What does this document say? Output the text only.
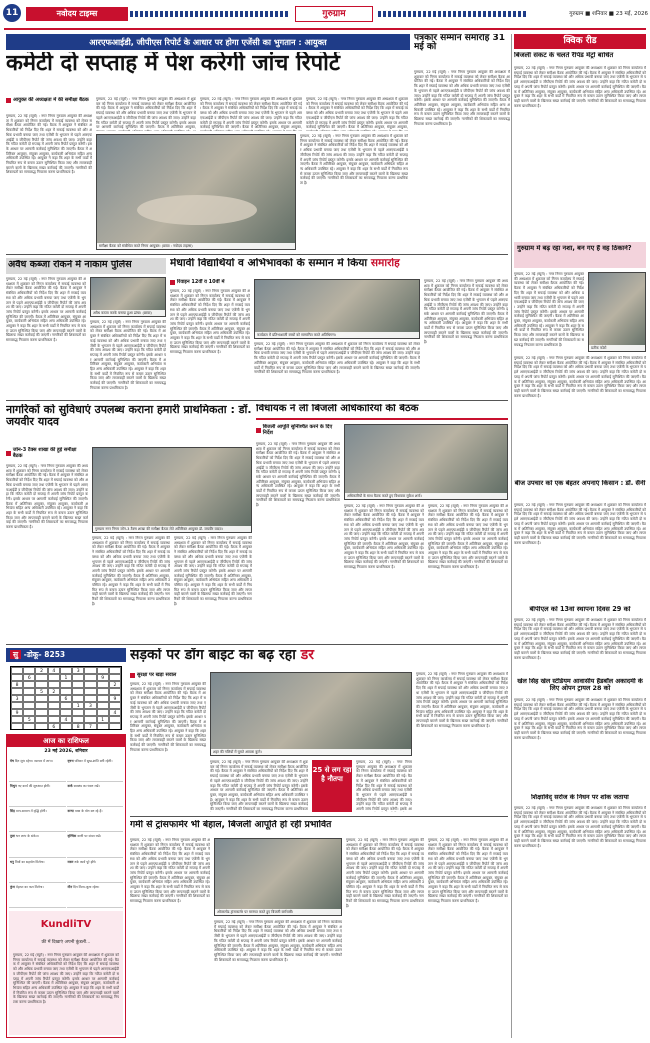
11	नवोदय टाइम्स	गुरुग्राम	गुरुग्राम ■ शनिवार ■ 23 मई, 2026
आरएफआईडी, जीपीएस रिपोर्ट के आधार पर होगा एजेंसी का भुगतान : आयुक्त
कमेटी दो सप्ताह में पेश करेगी जांच रिपोर्ट
आयुक्त की अध्यक्षता में की समीक्षा बैठक
गुरुग्राम, 22 मई (ब्यूरो) : नगर निगम गुरुग्राम आयुक्त की अध्यक्षता में शुक्रवार को निगम कार्यालय में सफाई व्यवस्था को लेकर समीक्षा बैठक आयोजित की गई। बैठक में आयुक्त ने संबंधित अधिकारियों को निर्देश दिए कि शहर में सफाई व्यवस्था को और अधिक प्रभावी बनाया जाए तथा एजेंसी के भुगतान से पहले आरएफआईडी व जीपीएस रिपोर्ट की जांच अवश्य की जाए। उन्होंने कहा कि गठित कमेटी दो सप्ताह में अपनी जांच रिपोर्ट प्रस्तुत करेगी। इसके आधार पर आगामी कार्रवाई सुनिश्चित की जाएगी। बैठक में अतिरिक्त आयुक्त, संयुक्त आयुक्त, कार्यकारी अभियंता सहित अन्य अधिकारी उपस्थित रहे। आयुक्त ने कहा कि शहर के सभी वार्डों में नियमित रूप से कचरा उठान सुनिश्चित किया जाए और लापरवाही बरतने वालों के खिलाफ सख्त कार्रवाई की जाएगी। नागरिकों की शिकायतों का समयबद्ध निपटारा करना प्राथमिकता है।
गुरुग्राम, 22 मई (ब्यूरो) : नगर निगम गुरुग्राम आयुक्त की अध्यक्षता में शुक्रवार को निगम कार्यालय में सफाई व्यवस्था को लेकर समीक्षा बैठक आयोजित की गई। बैठक में आयुक्त ने संबंधित अधिकारियों को निर्देश दिए कि शहर में सफाई व्यवस्था को और अधिक प्रभावी बनाया जाए तथा एजेंसी के भुगतान से पहले आरएफआईडी व जीपीएस रिपोर्ट की जांच अवश्य की जाए। उन्होंने कहा कि गठित कमेटी दो सप्ताह में अपनी जांच रिपोर्ट प्रस्तुत करेगी। इसके आधार पर आगामी कार्रवाई सुनिश्चित की जाएगी। बैठक में अतिरिक्त आयुक्त,
गुरुग्राम, 22 मई (ब्यूरो) : नगर निगम गुरुग्राम आयुक्त की अध्यक्षता में शुक्रवार को निगम कार्यालय में सफाई व्यवस्था को लेकर समीक्षा बैठक आयोजित की गई। बैठक में आयुक्त ने संबंधित अधिकारियों को निर्देश दिए कि शहर में सफाई व्यवस्था को और अधिक प्रभावी बनाया जाए तथा एजेंसी के भुगतान से पहले आरएफआईडी व जीपीएस रिपोर्ट की जांच अवश्य की जाए। उन्होंने कहा कि गठित कमेटी दो सप्ताह में अपनी जांच रिपोर्ट प्रस्तुत करेगी। इसके आधार पर आगामी कार्रवाई सुनिश्चित की जाएगी। बैठक में अतिरिक्त आयुक्त, संयुक्त आयुक्त,
गुरुग्राम, 22 मई (ब्यूरो) : नगर निगम गुरुग्राम आयुक्त की अध्यक्षता में शुक्रवार को निगम कार्यालय में सफाई व्यवस्था को लेकर समीक्षा बैठक आयोजित की गई। बैठक में आयुक्त ने संबंधित अधिकारियों को निर्देश दिए कि शहर में सफाई व्यवस्था को और अधिक प्रभावी बनाया जाए तथा एजेंसी के भुगतान से पहले आरएफआईडी व जीपीएस रिपोर्ट की जांच अवश्य की जाए। उन्होंने कहा कि गठित कमेटी दो सप्ताह में अपनी जांच रिपोर्ट प्रस्तुत करेगी। इसके आधार पर आगामी कार्रवाई सुनिश्चित की जाएगी। बैठक में अतिरिक्त आयुक्त, संयुक्त आयुक्त,
समीक्षा बैठक को संबोधित करते निगम आयुक्त। (छाया : नवोदय टाइम्स)
गुरुग्राम, 22 मई (ब्यूरो) : नगर निगम गुरुग्राम आयुक्त की अध्यक्षता में शुक्रवार को निगम कार्यालय में सफाई व्यवस्था को लेकर समीक्षा बैठक आयोजित की गई। बैठक में आयुक्त ने संबंधित अधिकारियों को निर्देश दिए कि शहर में सफाई व्यवस्था को और अधिक प्रभावी बनाया जाए तथा एजेंसी के भुगतान से पहले आरएफआईडी व जीपीएस रिपोर्ट की जांच अवश्य की जाए। उन्होंने कहा कि गठित कमेटी दो सप्ताह में अपनी जांच रिपोर्ट प्रस्तुत करेगी। इसके आधार पर आगामी कार्रवाई सुनिश्चित की जाएगी। बैठक में अतिरिक्त आयुक्त, संयुक्त आयुक्त, कार्यकारी अभियंता सहित अन्य अधिकारी उपस्थित रहे। आयुक्त ने कहा कि शहर के सभी वार्डों में नियमित रूप से कचरा उठान सुनिश्चित किया जाए और लापरवाही बरतने वालों के खिलाफ सख्त कार्रवाई की जाएगी। नागरिकों की शिकायतों का समयबद्ध निपटारा करना प्राथमिकता है।
पत्रकार सम्मान समारोह 31 मई को
गुरुग्राम, 22 मई (ब्यूरो) : नगर निगम गुरुग्राम आयुक्त की अध्यक्षता में शुक्रवार को निगम कार्यालय में सफाई व्यवस्था को लेकर समीक्षा बैठक आयोजित की गई। बैठक में आयुक्त ने संबंधित अधिकारियों को निर्देश दिए कि शहर में सफाई व्यवस्था को और अधिक प्रभावी बनाया जाए तथा एजेंसी के भुगतान से पहले आरएफआईडी व जीपीएस रिपोर्ट की जांच अवश्य की जाए। उन्होंने कहा कि गठित कमेटी दो सप्ताह में अपनी जांच रिपोर्ट प्रस्तुत करेगी। इसके आधार पर आगामी कार्रवाई सुनिश्चित की जाएगी। बैठक में अतिरिक्त आयुक्त, संयुक्त आयुक्त, कार्यकारी अभियंता सहित अन्य अधिकारी उपस्थित रहे। आयुक्त ने कहा कि शहर के सभी वार्डों में नियमित रूप से कचरा उठान सुनिश्चित किया जाए और लापरवाही बरतने वालों के खिलाफ सख्त कार्रवाई की जाएगी। नागरिकों की शिकायतों का समयबद्ध निपटारा करना प्राथमिकता है।
क्विक रीड
बिजली संकट के चलते रैपिड मेट्रो बाधित
गुरुग्राम, 22 मई (ब्यूरो) : नगर निगम गुरुग्राम आयुक्त की अध्यक्षता में शुक्रवार को निगम कार्यालय में सफाई व्यवस्था को लेकर समीक्षा बैठक आयोजित की गई। बैठक में आयुक्त ने संबंधित अधिकारियों को निर्देश दिए कि शहर में सफाई व्यवस्था को और अधिक प्रभावी बनाया जाए तथा एजेंसी के भुगतान से पहले आरएफआईडी व जीपीएस रिपोर्ट की जांच अवश्य की जाए। उन्होंने कहा कि गठित कमेटी दो सप्ताह में अपनी जांच रिपोर्ट प्रस्तुत करेगी। इसके आधार पर आगामी कार्रवाई सुनिश्चित की जाएगी। बैठक में अतिरिक्त आयुक्त, संयुक्त आयुक्त, कार्यकारी अभियंता सहित अन्य अधिकारी उपस्थित रहे। आयुक्त ने कहा कि शहर के सभी वार्डों में नियमित रूप से कचरा उठान सुनिश्चित किया जाए और लापरवाही बरतने वालों के खिलाफ सख्त कार्रवाई की जाएगी। नागरिकों की शिकायतों का समयबद्ध निपटारा करना प्राथमिकता है।
गुरुग्राम में बढ़ रहा नशा, बन गए हैं वह ठिकाने?
गुरुग्राम, 22 मई (ब्यूरो) : नगर निगम गुरुग्राम आयुक्त की अध्यक्षता में शुक्रवार को निगम कार्यालय में सफाई व्यवस्था को लेकर समीक्षा बैठक आयोजित की गई। बैठक में आयुक्त ने संबंधित अधिकारियों को निर्देश दिए कि शहर में सफाई व्यवस्था को और अधिक प्रभावी बनाया जाए तथा एजेंसी के भुगतान से पहले आरएफआईडी व जीपीएस रिपोर्ट की जांच अवश्य की जाए। उन्होंने कहा कि गठित कमेटी दो सप्ताह में अपनी जांच रिपोर्ट प्रस्तुत करेगी। इसके आधार पर आगामी कार्रवाई सुनिश्चित की जाएगी। बैठक में अतिरिक्त आयुक्त, संयुक्त आयुक्त, कार्यकारी अभियंता सहित अन्य अधिकारी उपस्थित रहे। आयुक्त ने कहा कि शहर के सभी वार्डों में नियमित रूप से कचरा उठान सुनिश्चित किया जाए और लापरवाही बरतने वालों के खिलाफ सख्त कार्रवाई की जाएगी। नागरिकों की शिकायतों का समयबद्ध निपटारा करना प्राथमिकता है।
प्रतीक फोटो
गुरुग्राम, 22 मई (ब्यूरो) : नगर निगम गुरुग्राम आयुक्त की अध्यक्षता में शुक्रवार को निगम कार्यालय में सफाई व्यवस्था को लेकर समीक्षा बैठक आयोजित की गई। बैठक में आयुक्त ने संबंधित अधिकारियों को निर्देश दिए कि शहर में सफाई व्यवस्था को और अधिक प्रभावी बनाया जाए तथा एजेंसी के भुगतान से पहले आरएफआईडी व जीपीएस रिपोर्ट की जांच अवश्य की जाए। उन्होंने कहा कि गठित कमेटी दो सप्ताह में अपनी जांच रिपोर्ट प्रस्तुत करेगी। इसके आधार पर आगामी कार्रवाई सुनिश्चित की जाएगी। बैठक में अतिरिक्त आयुक्त, संयुक्त आयुक्त, कार्यकारी अभियंता सहित अन्य अधिकारी उपस्थित रहे। आयुक्त ने कहा कि शहर के सभी वार्डों में नियमित रूप से कचरा उठान सुनिश्चित किया जाए और लापरवाही बरतने वालों के खिलाफ सख्त कार्रवाई की जाएगी। नागरिकों की शिकायतों का समयबद्ध निपटारा करना प्राथमिकता है।
बीज उपचार को एक बेहतर अपनाएं किसान : डॉ. सैनी
गुरुग्राम, 22 मई (ब्यूरो) : नगर निगम गुरुग्राम आयुक्त की अध्यक्षता में शुक्रवार को निगम कार्यालय में सफाई व्यवस्था को लेकर समीक्षा बैठक आयोजित की गई। बैठक में आयुक्त ने संबंधित अधिकारियों को निर्देश दिए कि शहर में सफाई व्यवस्था को और अधिक प्रभावी बनाया जाए तथा एजेंसी के भुगतान से पहले आरएफआईडी व जीपीएस रिपोर्ट की जांच अवश्य की जाए। उन्होंने कहा कि गठित कमेटी दो सप्ताह में अपनी जांच रिपोर्ट प्रस्तुत करेगी। इसके आधार पर आगामी कार्रवाई सुनिश्चित की जाएगी। बैठक में अतिरिक्त आयुक्त, संयुक्त आयुक्त, कार्यकारी अभियंता सहित अन्य अधिकारी उपस्थित रहे। आयुक्त ने कहा कि शहर के सभी वार्डों में नियमित रूप से कचरा उठान सुनिश्चित किया जाए और लापरवाही बरतने वालों के खिलाफ सख्त कार्रवाई की जाएगी। नागरिकों की शिकायतों का समयबद्ध निपटारा करना प्राथमिकता है।
बीपीएल को 13वां स्थापना दिवस 29 को
गुरुग्राम, 22 मई (ब्यूरो) : नगर निगम गुरुग्राम आयुक्त की अध्यक्षता में शुक्रवार को निगम कार्यालय में सफाई व्यवस्था को लेकर समीक्षा बैठक आयोजित की गई। बैठक में आयुक्त ने संबंधित अधिकारियों को निर्देश दिए कि शहर में सफाई व्यवस्था को और अधिक प्रभावी बनाया जाए तथा एजेंसी के भुगतान से पहले आरएफआईडी व जीपीएस रिपोर्ट की जांच अवश्य की जाए। उन्होंने कहा कि गठित कमेटी दो सप्ताह में अपनी जांच रिपोर्ट प्रस्तुत करेगी। इसके आधार पर आगामी कार्रवाई सुनिश्चित की जाएगी। बैठक में अतिरिक्त आयुक्त, संयुक्त आयुक्त, कार्यकारी अभियंता सहित अन्य अधिकारी उपस्थित रहे। आयुक्त ने कहा कि शहर के सभी वार्डों में नियमित रूप से कचरा उठान सुनिश्चित किया जाए और लापरवाही बरतने वालों के खिलाफ सख्त कार्रवाई की जाएगी। नागरिकों की शिकायतों का समयबद्ध निपटारा करना प्राथमिकता है।
खेल सिंह खेल स्टेडियम आवासीय हैंडबॉल अकादमी के लिए ओपन ट्रायल 28 को
गुरुग्राम, 22 मई (ब्यूरो) : नगर निगम गुरुग्राम आयुक्त की अध्यक्षता में शुक्रवार को निगम कार्यालय में सफाई व्यवस्था को लेकर समीक्षा बैठक आयोजित की गई। बैठक में आयुक्त ने संबंधित अधिकारियों को निर्देश दिए कि शहर में सफाई व्यवस्था को और अधिक प्रभावी बनाया जाए तथा एजेंसी के भुगतान से पहले आरएफआईडी व जीपीएस रिपोर्ट की जांच अवश्य की जाए। उन्होंने कहा कि गठित कमेटी दो सप्ताह में अपनी जांच रिपोर्ट प्रस्तुत करेगी। इसके आधार पर आगामी कार्रवाई सुनिश्चित की जाएगी। बैठक में अतिरिक्त आयुक्त, संयुक्त आयुक्त, कार्यकारी अभियंता सहित अन्य अधिकारी उपस्थित रहे। आयुक्त ने कहा कि शहर के सभी वार्डों में नियमित रूप से कचरा उठान सुनिश्चित किया जाए और लापरवाही बरतने वालों के खिलाफ सख्त कार्रवाई की जाएगी। नागरिकों की शिकायतों का समयबद्ध निपटारा करना प्राथमिकता है।
शिक्षाविद् सरोज के निधन पर शोक जताया
गुरुग्राम, 22 मई (ब्यूरो) : नगर निगम गुरुग्राम आयुक्त की अध्यक्षता में शुक्रवार को निगम कार्यालय में सफाई व्यवस्था को लेकर समीक्षा बैठक आयोजित की गई। बैठक में आयुक्त ने संबंधित अधिकारियों को निर्देश दिए कि शहर में सफाई व्यवस्था को और अधिक प्रभावी बनाया जाए तथा एजेंसी के भुगतान से पहले आरएफआईडी व जीपीएस रिपोर्ट की जांच अवश्य की जाए। उन्होंने कहा कि गठित कमेटी दो सप्ताह में अपनी जांच रिपोर्ट प्रस्तुत करेगी। इसके आधार पर आगामी कार्रवाई सुनिश्चित की जाएगी। बैठक में अतिरिक्त आयुक्त, संयुक्त आयुक्त, कार्यकारी अभियंता सहित अन्य अधिकारी उपस्थित रहे। आयुक्त ने कहा कि शहर के सभी वार्डों में नियमित रूप से कचरा उठान सुनिश्चित किया जाए और लापरवाही बरतने वालों के खिलाफ सख्त कार्रवाई की जाएगी। नागरिकों की शिकायतों का समयबद्ध निपटारा करना प्राथमिकता है।
अवैध कब्जा रोकने में नाकाम पुलिस
गुरुग्राम, 22 मई (ब्यूरो) : नगर निगम गुरुग्राम आयुक्त की अध्यक्षता में शुक्रवार को निगम कार्यालय में सफाई व्यवस्था को लेकर समीक्षा बैठक आयोजित की गई। बैठक में आयुक्त ने संबंधित अधिकारियों को निर्देश दिए कि शहर में सफाई व्यवस्था को और अधिक प्रभावी बनाया जाए तथा एजेंसी के भुगतान से पहले आरएफआईडी व जीपीएस रिपोर्ट की जांच अवश्य की जाए। उन्होंने कहा कि गठित कमेटी दो सप्ताह में अपनी जांच रिपोर्ट प्रस्तुत करेगी। इसके आधार पर आगामी कार्रवाई सुनिश्चित की जाएगी। बैठक में अतिरिक्त आयुक्त, संयुक्त आयुक्त, कार्यकारी अभियंता सहित अन्य अधिकारी उपस्थित रहे। आयुक्त ने कहा कि शहर के सभी वार्डों में नियमित रूप से कचरा उठान सुनिश्चित किया जाए और लापरवाही बरतने वालों के खिलाफ सख्त कार्रवाई की जाएगी। नागरिकों की शिकायतों का समयबद्ध निपटारा करना प्राथमिकता है।
अवैध कब्जा करके बनाया हुआ ढांचा। (छाया)
गुरुग्राम, 22 मई (ब्यूरो) : नगर निगम गुरुग्राम आयुक्त की अध्यक्षता में शुक्रवार को निगम कार्यालय में सफाई व्यवस्था को लेकर समीक्षा बैठक आयोजित की गई। बैठक में आयुक्त ने संबंधित अधिकारियों को निर्देश दिए कि शहर में सफाई व्यवस्था को और अधिक प्रभावी बनाया जाए तथा एजेंसी के भुगतान से पहले आरएफआईडी व जीपीएस रिपोर्ट की जांच अवश्य की जाए। उन्होंने कहा कि गठित कमेटी दो सप्ताह में अपनी जांच रिपोर्ट प्रस्तुत करेगी। इसके आधार पर आगामी कार्रवाई सुनिश्चित की जाएगी। बैठक में अतिरिक्त आयुक्त, संयुक्त आयुक्त, कार्यकारी अभियंता सहित अन्य अधिकारी उपस्थित रहे। आयुक्त ने कहा कि शहर के सभी वार्डों में नियमित रूप से कचरा उठान सुनिश्चित किया जाए और लापरवाही बरतने वालों के खिलाफ सख्त कार्रवाई की जाएगी। नागरिकों की शिकायतों का समयबद्ध निपटारा करना प्राथमिकता है।
मेधावी विद्यार्थियों व अभिभावकों के सम्मान में किया समारोह
रिवाइन 12वीं व 10वीं में
गुरुग्राम, 22 मई (ब्यूरो) : नगर निगम गुरुग्राम आयुक्त की अध्यक्षता में शुक्रवार को निगम कार्यालय में सफाई व्यवस्था को लेकर समीक्षा बैठक आयोजित की गई। बैठक में आयुक्त ने संबंधित अधिकारियों को निर्देश दिए कि शहर में सफाई व्यवस्था को और अधिक प्रभावी बनाया जाए तथा एजेंसी के भुगतान से पहले आरएफआईडी व जीपीएस रिपोर्ट की जांच अवश्य की जाए। उन्होंने कहा कि गठित कमेटी दो सप्ताह में अपनी जांच रिपोर्ट प्रस्तुत करेगी। इसके आधार पर आगामी कार्रवाई सुनिश्चित की जाएगी। बैठक में अतिरिक्त आयुक्त, संयुक्त आयुक्त, कार्यकारी अभियंता सहित अन्य अधिकारी उपस्थित रहे। आयुक्त ने कहा कि शहर के सभी वार्डों में नियमित रूप से कचरा उठान सुनिश्चित किया जाए और लापरवाही बरतने वालों के खिलाफ सख्त कार्रवाई की जाएगी। नागरिकों की शिकायतों का समयबद्ध निपटारा करना प्राथमिकता है।
कार्यक्रम में प्रतिभाशाली बच्चों को सम्मानित करते अतिथिगण।
गुरुग्राम, 22 मई (ब्यूरो) : नगर निगम गुरुग्राम आयुक्त की अध्यक्षता में शुक्रवार को निगम कार्यालय में सफाई व्यवस्था को लेकर समीक्षा बैठक आयोजित की गई। बैठक में आयुक्त ने संबंधित अधिकारियों को निर्देश दिए कि शहर में सफाई व्यवस्था को और अधिक प्रभावी बनाया जाए तथा एजेंसी के भुगतान से पहले आरएफआईडी व जीपीएस रिपोर्ट की जांच अवश्य की जाए। उन्होंने कहा कि गठित कमेटी दो सप्ताह में अपनी जांच रिपोर्ट प्रस्तुत करेगी। इसके आधार पर आगामी कार्रवाई सुनिश्चित की जाएगी। बैठक में अतिरिक्त आयुक्त, संयुक्त आयुक्त, कार्यकारी अभियंता सहित अन्य अधिकारी उपस्थित रहे। आयुक्त ने कहा कि शहर के सभी वार्डों में नियमित रूप से कचरा उठान सुनिश्चित किया जाए और लापरवाही बरतने वालों के खिलाफ सख्त कार्रवाई की जाएगी। नागरिकों की शिकायतों का समयबद्ध निपटारा करना प्राथमिकता है।
गुरुग्राम, 22 मई (ब्यूरो) : नगर निगम गुरुग्राम आयुक्त की अध्यक्षता में शुक्रवार को निगम कार्यालय में सफाई व्यवस्था को लेकर समीक्षा बैठक आयोजित की गई। बैठक में आयुक्त ने संबंधित अधिकारियों को निर्देश दिए कि शहर में सफाई व्यवस्था को और अधिक प्रभावी बनाया जाए तथा एजेंसी के भुगतान से पहले आरएफआईडी व जीपीएस रिपोर्ट की जांच अवश्य की जाए। उन्होंने कहा कि गठित कमेटी दो सप्ताह में अपनी जांच रिपोर्ट प्रस्तुत करेगी। इसके आधार पर आगामी कार्रवाई सुनिश्चित की जाएगी। बैठक में अतिरिक्त आयुक्त, संयुक्त आयुक्त, कार्यकारी अभियंता सहित अन्य अधिकारी उपस्थित रहे। आयुक्त ने कहा कि शहर के सभी वार्डों में नियमित रूप से कचरा उठान सुनिश्चित किया जाए और लापरवाही बरतने वालों के खिलाफ सख्त कार्रवाई की जाएगी। नागरिकों की शिकायतों का समयबद्ध निपटारा करना प्राथमिकता है।
नागरिकों को सुविधाएं उपलब्ध कराना हमारी प्राथमिकता : डॉ. जयवीर यादव
जोन-3 टैक्स शाखा की हुई समीक्षा बैठक
गुरुग्राम, 22 मई (ब्यूरो) : नगर निगम गुरुग्राम आयुक्त की अध्यक्षता में शुक्रवार को निगम कार्यालय में सफाई व्यवस्था को लेकर समीक्षा बैठक आयोजित की गई। बैठक में आयुक्त ने संबंधित अधिकारियों को निर्देश दिए कि शहर में सफाई व्यवस्था को और अधिक प्रभावी बनाया जाए तथा एजेंसी के भुगतान से पहले आरएफआईडी व जीपीएस रिपोर्ट की जांच अवश्य की जाए। उन्होंने कहा कि गठित कमेटी दो सप्ताह में अपनी जांच रिपोर्ट प्रस्तुत करेगी। इसके आधार पर आगामी कार्रवाई सुनिश्चित की जाएगी। बैठक में अतिरिक्त आयुक्त, संयुक्त आयुक्त, कार्यकारी अभियंता सहित अन्य अधिकारी उपस्थित रहे। आयुक्त ने कहा कि शहर के सभी वार्डों में नियमित रूप से कचरा उठान सुनिश्चित किया जाए और लापरवाही बरतने वालों के खिलाफ सख्त कार्रवाई की जाएगी। नागरिकों की शिकायतों का समयबद्ध निपटारा करना प्राथमिकता है।	गुरुग्राम नगर निगम जोन-3 टैक्स शाखा की समीक्षा बैठक लेते अतिरिक्त आयुक्त डॉ. जयवीर यादव।
गुरुग्राम, 22 मई (ब्यूरो) : नगर निगम गुरुग्राम आयुक्त की अध्यक्षता में शुक्रवार को निगम कार्यालय में सफाई व्यवस्था को लेकर समीक्षा बैठक आयोजित की गई। बैठक में आयुक्त ने संबंधित अधिकारियों को निर्देश दिए कि शहर में सफाई व्यवस्था को और अधिक प्रभावी बनाया जाए तथा एजेंसी के भुगतान से पहले आरएफआईडी व जीपीएस रिपोर्ट की जांच अवश्य की जाए। उन्होंने कहा कि गठित कमेटी दो सप्ताह में अपनी जांच रिपोर्ट प्रस्तुत करेगी। इसके आधार पर आगामी कार्रवाई सुनिश्चित की जाएगी। बैठक में अतिरिक्त आयुक्त, संयुक्त आयुक्त, कार्यकारी अभियंता सहित अन्य अधिकारी उपस्थित रहे। आयुक्त ने कहा कि शहर के सभी वार्डों में नियमित रूप से कचरा उठान सुनिश्चित किया जाए और लापरवाही बरतने वालों के खिलाफ सख्त कार्रवाई की जाएगी। नागरिकों की शिकायतों का समयबद्ध निपटारा करना प्राथमिकता है।
गुरुग्राम, 22 मई (ब्यूरो) : नगर निगम गुरुग्राम आयुक्त की अध्यक्षता में शुक्रवार को निगम कार्यालय में सफाई व्यवस्था को लेकर समीक्षा बैठक आयोजित की गई। बैठक में आयुक्त ने संबंधित अधिकारियों को निर्देश दिए कि शहर में सफाई व्यवस्था को और अधिक प्रभावी बनाया जाए तथा एजेंसी के भुगतान से पहले आरएफआईडी व जीपीएस रिपोर्ट की जांच अवश्य की जाए। उन्होंने कहा कि गठित कमेटी दो सप्ताह में अपनी जांच रिपोर्ट प्रस्तुत करेगी। इसके आधार पर आगामी कार्रवाई सुनिश्चित की जाएगी। बैठक में अतिरिक्त आयुक्त, संयुक्त आयुक्त, कार्यकारी अभियंता सहित अन्य अधिकारी उपस्थित रहे। आयुक्त ने कहा कि शहर के सभी वार्डों में नियमित रूप से कचरा उठान सुनिश्चित किया जाए और लापरवाही बरतने वालों के खिलाफ सख्त कार्रवाई की जाएगी। नागरिकों की शिकायतों का समयबद्ध निपटारा करना प्राथमिकता है।
विधायक ने ली बिजली अधिकारियों की बैठक
बिजली आपूर्ति सुनिश्चित करने के दिए निर्देश
गुरुग्राम, 22 मई (ब्यूरो) : नगर निगम गुरुग्राम आयुक्त की अध्यक्षता में शुक्रवार को निगम कार्यालय में सफाई व्यवस्था को लेकर समीक्षा बैठक आयोजित की गई। बैठक में आयुक्त ने संबंधित अधिकारियों को निर्देश दिए कि शहर में सफाई व्यवस्था को और अधिक प्रभावी बनाया जाए तथा एजेंसी के भुगतान से पहले आरएफआईडी व जीपीएस रिपोर्ट की जांच अवश्य की जाए। उन्होंने कहा कि गठित कमेटी दो सप्ताह में अपनी जांच रिपोर्ट प्रस्तुत करेगी। इसके आधार पर आगामी कार्रवाई सुनिश्चित की जाएगी। बैठक में अतिरिक्त आयुक्त, संयुक्त आयुक्त, कार्यकारी अभियंता सहित अन्य अधिकारी उपस्थित रहे। आयुक्त ने कहा कि शहर के सभी वार्डों में नियमित रूप से कचरा उठान सुनिश्चित किया जाए और लापरवाही बरतने वालों के खिलाफ सख्त कार्रवाई की जाएगी। नागरिकों की शिकायतों का समयबद्ध निपटारा करना प्राथमिकता है।
अधिकारियों के साथ बैठक करते हुए विधायक मुकेश शर्मा।
गुरुग्राम, 22 मई (ब्यूरो) : नगर निगम गुरुग्राम आयुक्त की अध्यक्षता में शुक्रवार को निगम कार्यालय में सफाई व्यवस्था को लेकर समीक्षा बैठक आयोजित की गई। बैठक में आयुक्त ने संबंधित अधिकारियों को निर्देश दिए कि शहर में सफाई व्यवस्था को और अधिक प्रभावी बनाया जाए तथा एजेंसी के भुगतान से पहले आरएफआईडी व जीपीएस रिपोर्ट की जांच अवश्य की जाए। उन्होंने कहा कि गठित कमेटी दो सप्ताह में अपनी जांच रिपोर्ट प्रस्तुत करेगी। इसके आधार पर आगामी कार्रवाई सुनिश्चित की जाएगी। बैठक में अतिरिक्त आयुक्त, संयुक्त आयुक्त, कार्यकारी अभियंता सहित अन्य अधिकारी उपस्थित रहे। आयुक्त ने कहा कि शहर के सभी वार्डों में नियमित रूप से कचरा उठान सुनिश्चित किया जाए और लापरवाही बरतने वालों के खिलाफ सख्त कार्रवाई की जाएगी। नागरिकों की शिकायतों का समयबद्ध निपटारा करना प्राथमिकता है।
गुरुग्राम, 22 मई (ब्यूरो) : नगर निगम गुरुग्राम आयुक्त की अध्यक्षता में शुक्रवार को निगम कार्यालय में सफाई व्यवस्था को लेकर समीक्षा बैठक आयोजित की गई। बैठक में आयुक्त ने संबंधित अधिकारियों को निर्देश दिए कि शहर में सफाई व्यवस्था को और अधिक प्रभावी बनाया जाए तथा एजेंसी के भुगतान से पहले आरएफआईडी व जीपीएस रिपोर्ट की जांच अवश्य की जाए। उन्होंने कहा कि गठित कमेटी दो सप्ताह में अपनी जांच रिपोर्ट प्रस्तुत करेगी। इसके आधार पर आगामी कार्रवाई सुनिश्चित की जाएगी। बैठक में अतिरिक्त आयुक्त, संयुक्त आयुक्त, कार्यकारी अभियंता सहित अन्य अधिकारी उपस्थित रहे। आयुक्त ने कहा कि शहर के सभी वार्डों में नियमित रूप से कचरा उठान सुनिश्चित किया जाए और लापरवाही बरतने वालों के खिलाफ सख्त कार्रवाई की जाएगी। नागरिकों की शिकायतों का समयबद्ध निपटारा करना प्राथमिकता है।
सु -डोकू- 8253
2	4	3
6	1	9
8	2
5	2
3	6	9
1	3
9	4
5	4	1
6	8	7
सड़कों पर डॉग बाइट का बढ़ रहा डर
सुरक्षा पर खड़ा सवाल
गुरुग्राम, 22 मई (ब्यूरो) : नगर निगम गुरुग्राम आयुक्त की अध्यक्षता में शुक्रवार को निगम कार्यालय में सफाई व्यवस्था को लेकर समीक्षा बैठक आयोजित की गई। बैठक में आयुक्त ने संबंधित अधिकारियों को निर्देश दिए कि शहर में सफाई व्यवस्था को और अधिक प्रभावी बनाया जाए तथा एजेंसी के भुगतान से पहले आरएफआईडी व जीपीएस रिपोर्ट की जांच अवश्य की जाए। उन्होंने कहा कि गठित कमेटी दो सप्ताह में अपनी जांच रिपोर्ट प्रस्तुत करेगी। इसके आधार पर आगामी कार्रवाई सुनिश्चित की जाएगी। बैठक में अतिरिक्त आयुक्त, संयुक्त आयुक्त, कार्यकारी अभियंता सहित अन्य अधिकारी उपस्थित रहे। आयुक्त ने कहा कि शहर के सभी वार्डों में नियमित रूप से कचरा उठान सुनिश्चित किया जाए और लापरवाही बरतने वालों के खिलाफ सख्त कार्रवाई की जाएगी। नागरिकों की शिकायतों का समयबद्ध निपटारा करना प्राथमिकता है।	शहर की गलियों में घूमते आवारा कुत्ते।
गुरुग्राम, 22 मई (ब्यूरो) : नगर निगम गुरुग्राम आयुक्त की अध्यक्षता में शुक्रवार को निगम कार्यालय में सफाई व्यवस्था को लेकर समीक्षा बैठक आयोजित की गई। बैठक में आयुक्त ने संबंधित अधिकारियों को निर्देश दिए कि शहर में सफाई व्यवस्था को और अधिक प्रभावी बनाया जाए तथा एजेंसी के भुगतान से पहले आरएफआईडी व जीपीएस रिपोर्ट की जांच अवश्य की जाए। उन्होंने कहा कि गठित कमेटी दो सप्ताह में अपनी जांच रिपोर्ट प्रस्तुत करेगी। इसके आधार पर आगामी कार्रवाई सुनिश्चित की जाएगी। बैठक में अतिरिक्त आयुक्त, संयुक्त आयुक्त, कार्यकारी अभियंता सहित अन्य अधिकारी उपस्थित रहे। आयुक्त ने कहा कि शहर के सभी वार्डों में नियमित रूप से कचरा उठान सुनिश्चित किया जाए और लापरवाही बरतने वालों के खिलाफ सख्त कार्रवाई की जाएगी। नागरिकों की शिकायतों का समयबद्ध निपटारा करना प्राथमिकता है।
गुरुग्राम, 22 मई (ब्यूरो) : नगर निगम गुरुग्राम आयुक्त की अध्यक्षता में शुक्रवार को निगम कार्यालय में सफाई व्यवस्था को लेकर समीक्षा बैठक आयोजित की गई। बैठक में आयुक्त ने संबंधित अधिकारियों को निर्देश दिए कि शहर में सफाई व्यवस्था को और अधिक प्रभावी बनाया जाए तथा एजेंसी के भुगतान से पहले आरएफआईडी व जीपीएस रिपोर्ट की जांच अवश्य की जाए। उन्होंने कहा कि गठित कमेटी दो सप्ताह में अपनी जांच रिपोर्ट प्रस्तुत करेगी। इसके आधार पर आगामी कार्रवाई सुनिश्चित की जाएगी। बैठक में अतिरिक्त आयुक्त, संयुक्त आयुक्त, कार्यकारी अभियंता सहित अन्य अधिकारी उपस्थित रहे। आयुक्त ने कहा कि शहर के सभी वार्डों में नियमित रूप से कचरा उठान सुनिश्चित किया जाए और लापरवाही बरतने वालों के खिलाफ सख्त कार्रवाई की जाएगी। नागरिकों की शिकायतों का समयबद्ध निपटारा करना प्राथमिकता
25 से लग रहा है नौतपा
गुरुग्राम, 22 मई (ब्यूरो) : नगर निगम गुरुग्राम आयुक्त की अध्यक्षता में शुक्रवार को निगम कार्यालय में सफाई व्यवस्था को लेकर समीक्षा बैठक आयोजित की गई। बैठक में आयुक्त ने संबंधित अधिकारियों को निर्देश दिए कि शहर में सफाई व्यवस्था को और अधिक प्रभावी बनाया जाए तथा एजेंसी के भुगतान से पहले आरएफआईडी व जीपीएस रिपोर्ट की जांच अवश्य की जाए। उन्होंने कहा कि गठित कमेटी दो सप्ताह में अपनी जांच रिपोर्ट प्रस्तुत करेगी। इसके आ
आज का राशिफल
23 मई 2026, शनिवार
मेष दिन शुभ रहेगा। व्यापार में लाभ।	वृषभ परिवार में सुख-शांति बनी रहेगी।
मिथुन नए कार्य की शुरुआत होगी।	कर्क स्वास्थ्य का ध्यान रखें।
सिंह मान-सम्मान में वृद्धि होगी।	कन्या यात्रा के योग बन रहे हैं।
तुला धन लाभ के संकेत।	वृश्चिक वाणी पर संयम रखें।
धनु मित्रों का सहयोग मिलेगा।	मकर रुके कार्य पूरे होंगे।
कुंभ मेहनत का फल मिलेगा।	मीन दिन मिला-जुला रहेगा।
KundliTV
फ्री में दिखाएं अपनी कुंडली...
गुरुग्राम, 22 मई (ब्यूरो) : नगर निगम गुरुग्राम आयुक्त की अध्यक्षता में शुक्रवार को निगम कार्यालय में सफाई व्यवस्था को लेकर समीक्षा बैठक आयोजित की गई। बैठक में आयुक्त ने संबंधित अधिकारियों को निर्देश दिए कि शहर में सफाई व्यवस्था को और अधिक प्रभावी बनाया जाए तथा एजेंसी के भुगतान से पहले आरएफआईडी व जीपीएस रिपोर्ट की जांच अवश्य की जाए। उन्होंने कहा कि गठित कमेटी दो सप्ताह में अपनी जांच रिपोर्ट प्रस्तुत करेगी। इसके आधार पर आगामी कार्रवाई सुनिश्चित की जाएगी। बैठक में अतिरिक्त आयुक्त, संयुक्त आयुक्त, कार्यकारी अभियंता सहित अन्य अधिकारी उपस्थित रहे। आयुक्त ने कहा कि शहर के सभी वार्डों में नियमित रूप से कचरा उठान सुनिश्चित किया जाए और लापरवाही बरतने वालों के खिलाफ सख्त कार्रवाई की जाएगी। नागरिकों की शिकायतों का समयबद्ध निपटारा करना प्राथमिकता है।
गर्मी से ट्रांसफार्मर भी बेहाल, बिजली आपूर्ति हो रही प्रभावित
गुरुग्राम, 22 मई (ब्यूरो) : नगर निगम गुरुग्राम आयुक्त की अध्यक्षता में शुक्रवार को निगम कार्यालय में सफाई व्यवस्था को लेकर समीक्षा बैठक आयोजित की गई। बैठक में आयुक्त ने संबंधित अधिकारियों को निर्देश दिए कि शहर में सफाई व्यवस्था को और अधिक प्रभावी बनाया जाए तथा एजेंसी के भुगतान से पहले आरएफआईडी व जीपीएस रिपोर्ट की जांच अवश्य की जाए। उन्होंने कहा कि गठित कमेटी दो सप्ताह में अपनी जांच रिपोर्ट प्रस्तुत करेगी। इसके आधार पर आगामी कार्रवाई सुनिश्चित की जाएगी। बैठक में अतिरिक्त आयुक्त, संयुक्त आयुक्त, कार्यकारी अभियंता सहित अन्य अधिकारी उपस्थित रहे। आयुक्त ने कहा कि शहर के सभी वार्डों में नियमित रूप से कचरा उठान सुनिश्चित किया जाए और लापरवाही बरतने वालों के खिलाफ सख्त कार्रवाई की जाएगी। नागरिकों की शिकायतों का समयबद्ध निपटारा करना प्राथमिकता है।
ओवरलोड ट्रांसफार्मर पर मरम्मत करते हुए बिजली कर्मचारी।
गुरुग्राम, 22 मई (ब्यूरो) : नगर निगम गुरुग्राम आयुक्त की अध्यक्षता में शुक्रवार को निगम कार्यालय में सफाई व्यवस्था को लेकर समीक्षा बैठक आयोजित की गई। बैठक में आयुक्त ने संबंधित अधिकारियों को निर्देश दिए कि शहर में सफाई व्यवस्था को और अधिक प्रभावी बनाया जाए तथा एजेंसी के भुगतान से पहले आरएफआईडी व जीपीएस रिपोर्ट की जांच अवश्य की जाए। उन्होंने कहा कि गठित कमेटी दो सप्ताह में अपनी जांच रिपोर्ट प्रस्तुत करेगी। इसके आधार पर आगामी कार्रवाई सुनिश्चित की जाएगी। बैठक में अतिरिक्त आयुक्त, संयुक्त आयुक्त, कार्यकारी अभियंता सहित अन्य अधिकारी उपस्थित रहे। आयुक्त ने कहा कि शहर के सभी वार्डों में नियमित रूप से कचरा उठान सुनिश्चित किया जाए और लापरवाही बरतने वालों के खिलाफ सख्त कार्रवाई की जाएगी। नागरिकों की शिकायतों का समयबद्ध निपटारा करना प्राथमिकता है।
गुरुग्राम, 22 मई (ब्यूरो) : नगर निगम गुरुग्राम आयुक्त की अध्यक्षता में शुक्रवार को निगम कार्यालय में सफाई व्यवस्था को लेकर समीक्षा बैठक आयोजित की गई। बैठक में आयुक्त ने संबंधित अधिकारियों को निर्देश दिए कि शहर में सफाई व्यवस्था को और अधिक प्रभावी बनाया जाए तथा एजेंसी के भुगतान से पहले आरएफआईडी व जीपीएस रिपोर्ट की जांच अवश्य की जाए। उन्होंने कहा कि गठित कमेटी दो सप्ताह में अपनी जांच रिपोर्ट प्रस्तुत करेगी। इसके आधार पर आगामी कार्रवाई सुनिश्चित की जाएगी। बैठक में अतिरिक्त आयुक्त, संयुक्त आयुक्त, कार्यकारी अभियंता सहित अन्य अधिकारी उपस्थित रहे। आयुक्त ने कहा कि शहर के सभी वार्डों में नियमित रूप से कचरा उठान सुनिश्चित किया जाए और लापरवाही बरतने वालों के खिलाफ सख्त कार्रवाई की जाएगी। नागरिकों की शिकायतों का समयबद्ध निपटारा करना प्राथमिकता है।
गुरुग्राम, 22 मई (ब्यूरो) : नगर निगम गुरुग्राम आयुक्त की अध्यक्षता में शुक्रवार को निगम कार्यालय में सफाई व्यवस्था को लेकर समीक्षा बैठक आयोजित की गई। बैठक में आयुक्त ने संबंधित अधिकारियों को निर्देश दिए कि शहर में सफाई व्यवस्था को और अधिक प्रभावी बनाया जाए तथा एजेंसी के भुगतान से पहले आरएफआईडी व जीपीएस रिपोर्ट की जांच अवश्य की जाए। उन्होंने कहा कि गठित कमेटी दो सप्ताह में अपनी जांच रिपोर्ट प्रस्तुत करेगी। इसके आधार पर आगामी कार्रवाई सुनिश्चित की जाएगी। बैठक में अतिरिक्त आयुक्त, संयुक्त आयुक्त, कार्यकारी अभियंता सहित अन्य अधिकारी उपस्थित रहे। आयुक्त ने कहा कि शहर के सभी वार्डों में नियमित रूप से कचरा उठान सुनिश्चित किया जाए और लापरवाही बरतने वालों के खिलाफ सख्त कार्रवाई की जाएगी। नागरिकों की शिकायतों का समयबद्ध निपटारा करना प्राथमिकता है।
